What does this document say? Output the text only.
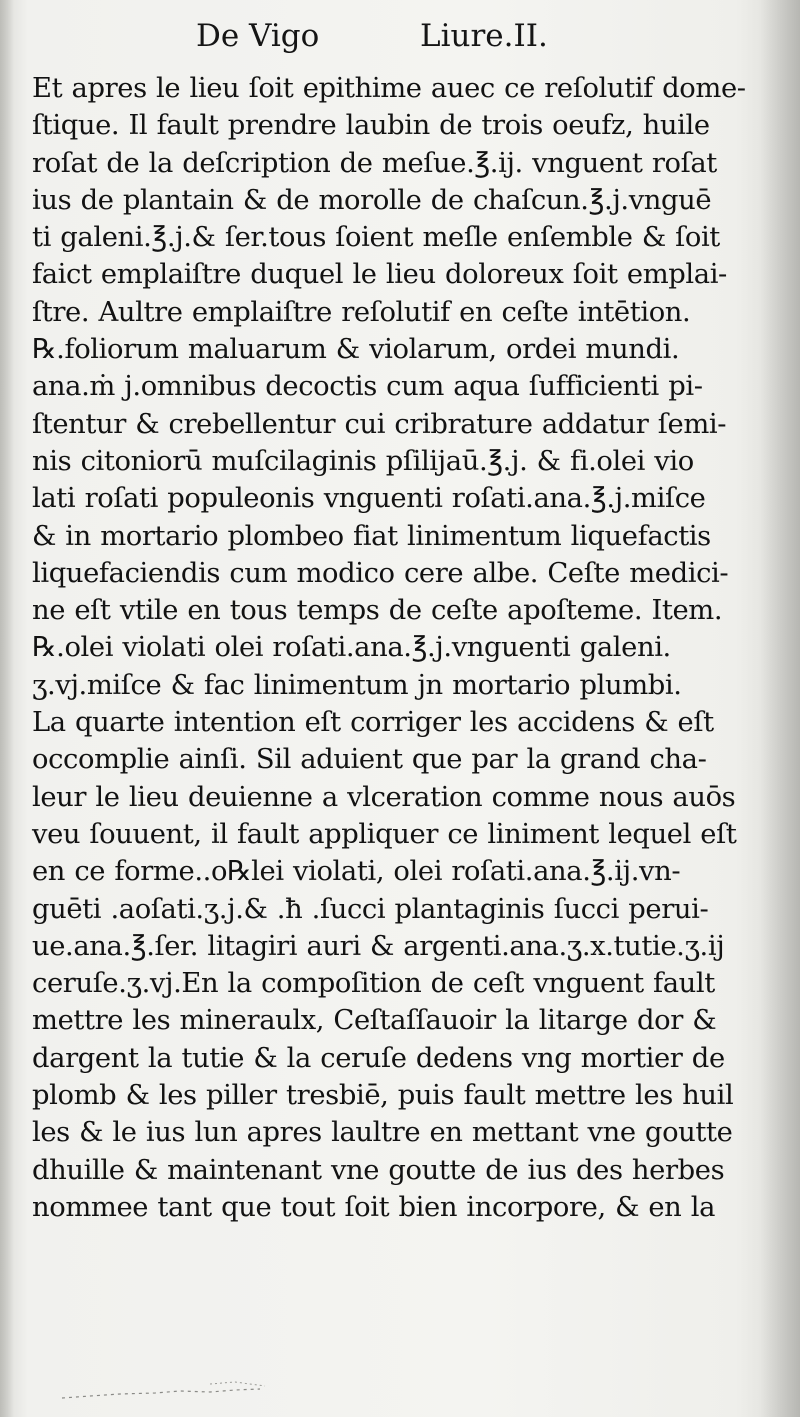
De Vigo	Liure.II.
Et apres le lieu ſoit epithime auec ce reſolutif dome-
ſtique. Il fault prendre laubin de trois oeufz, huile
roſat de la deſcription de meſue.℥.ij. vnguent roſat
ius de plantain & de morolle de chaſcun.℥.j.vnguē
ti galeni.℥.j.& ſer.tous ſoient meſle enſemble & ſoit
faict emplaiſtre duquel le lieu doloreux ſoit emplai-
ſtre. Aultre emplaiſtre reſolutif en ceſte intētion.
℞.foliorum maluarum & violarum, ordei mundi.
ana.ṁ j.omnibus decoctis cum aqua ſufficienti pi-
ſtentur & crebellentur cui cribrature addatur ſemi-
nis citoniorū muſcilaginis pſilijaū.℥.j. & fi.olei vio
lati roſati populeonis vnguenti roſati.ana.℥.j.miſce
& in mortario plombeo fiat linimentum liquefactis
liquefaciendis cum modico cere albe. Ceſte medici-
ne eſt vtile en tous temps de ceſte apoſteme. Item.
℞.olei violati olei roſati.ana.℥.j.vnguenti galeni.
ʒ.vj.miſce & fac linimentum jn mortario plumbi.
La quarte intention eſt corriger les accidens & eſt
occomplie ainſi. Sil aduient que par la grand cha-
leur le lieu deuienne a vlceration comme nous auōs
veu ſouuent, il fault appliquer ce liniment lequel eſt
en ce forme..o℞lei violati, olei roſati.ana.℥.ij.vn-
guēti .aoſati.ʒ.j.& .ħ .ſucci plantaginis ſucci perui-
ue.ana.℥.ſer. litagiri auri & argenti.ana.ʒ.x.tutie.ʒ.ij
ceruſe.ʒ.vj.En la compoſition de ceſt vnguent fault
mettre les mineraulx, Ceſtaſſauoir la litarge dor &
dargent la tutie & la ceruſe dedens vng mortier de
plomb & les piller tresbiē, puis fault mettre les huil
les & le ius lun apres laultre en mettant vne goutte
dhuille & maintenant vne goutte de ius des herbes
nommee tant que tout ſoit bien incorpore, & en la
